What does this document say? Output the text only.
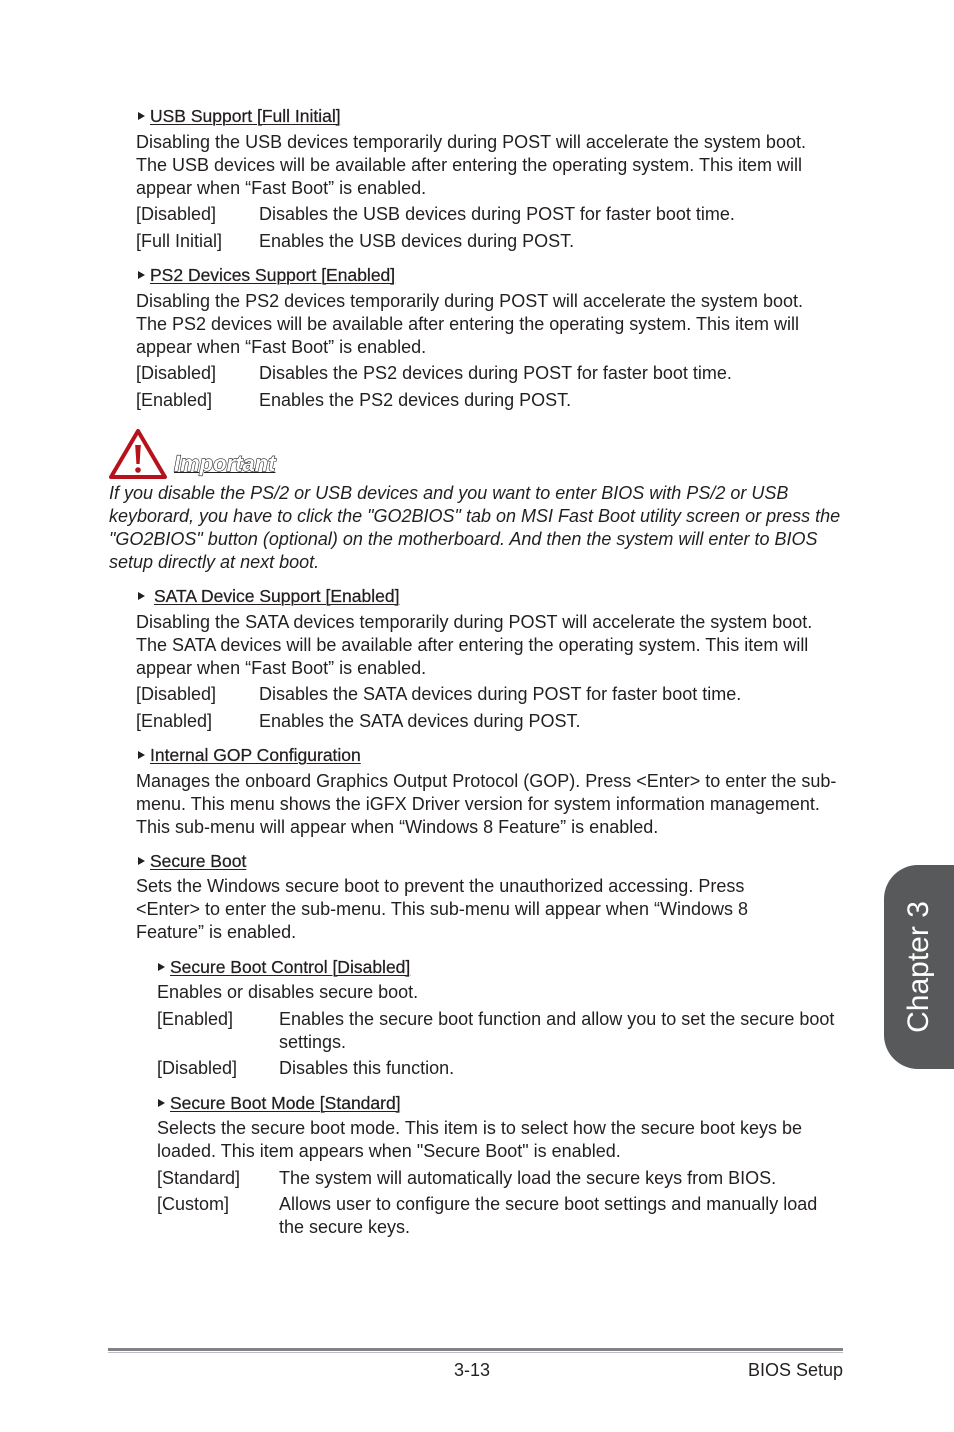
USB Support [Full Initial]
Disabling the USB devices temporarily during POST will accelerate the system boot. The USB devices will be available after entering the operating system. This item will appear when “Fast Boot” is enabled.
[Disabled] Disables the USB devices during POST for faster boot time.
[Full Initial] Enables the USB devices during POST.
PS2 Devices Support [Enabled]
Disabling the PS2 devices temporarily during POST will accelerate the system boot. The PS2 devices will be available after entering the operating system. This item will appear when “Fast Boot” is enabled.
[Disabled] Disables the PS2 devices during POST for faster boot time.
[Enabled]	Enables the PS2 devices during POST.
Important
If you disable the PS/2 or USB devices and you want to enter BIOS with PS/2 or USB keyborard, you have to click the "GO2BIOS" tab on MSI Fast Boot utility screen or press the "GO2BIOS" button (optional) on the motherboard. And then the system will enter to BIOS setup directly at next boot.
SATA Device Support [Enabled]
Disabling the SATA devices temporarily during POST will accelerate the system boot. The SATA devices will be available after entering the operating system. This item will appear when “Fast Boot” is enabled.
[Disabled] Disables the SATA devices during POST for faster boot time.
[Enabled]	Enables the SATA devices during POST.
Internal GOP Configuration
Manages the onboard Graphics Output Protocol (GOP). Press <Enter> to enter the sub-menu. This menu shows the iGFX Driver version for system information management. This sub-menu will appear when “Windows 8 Feature” is enabled.
Secure Boot
Sets the Windows secure boot to prevent the unauthorized accessing. Press <Enter> to enter the sub-menu. This sub-menu will appear when “Windows 8 Feature” is enabled.
Secure Boot Control [Disabled]
Enables or disables secure boot.
[Enabled]	Enables the secure boot function and allow you to set the secure boot settings.
[Disabled] Disables this function.
Secure Boot Mode [Standard]
Selects the secure boot mode. This item is to select how the secure boot keys be loaded. This item appears when "Secure Boot" is enabled.
[Standard] The system will automatically load the secure keys from BIOS.
[Custom]	Allows user to configure the secure boot settings and manually load the secure keys.
Chapter 3
3-13	BIOS Setup
